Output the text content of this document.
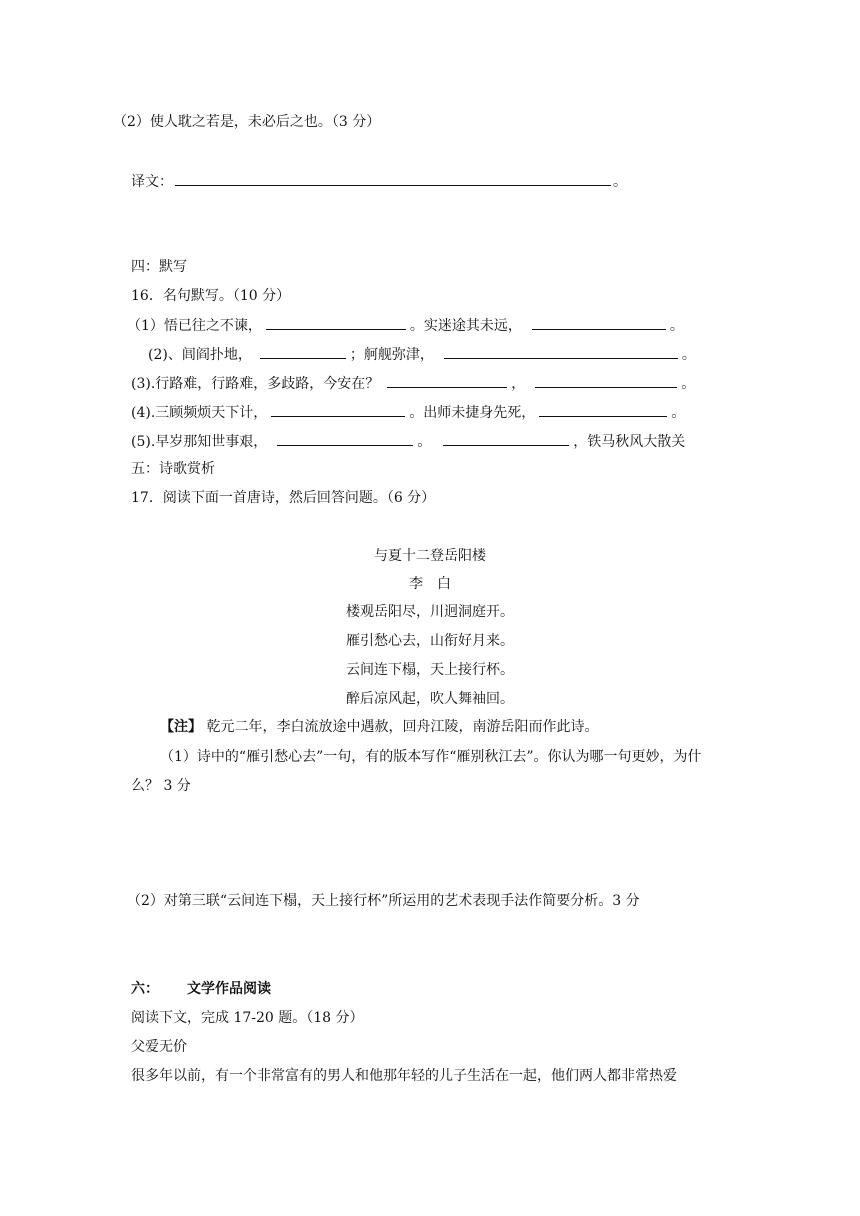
（2）使人耽之若是，未必后之也。（3 分）
译文：	。
四：默写
16．名句默写。（10 分）
（1）悟已往之不谏，	。实迷途其未远，	。
(2)、闾阎扑地，	；舸舰弥津，	。
(3).行路难，行路难，多歧路，今安在？	，	。
(4).三顾频烦天下计，	。出师未捷身先死，	。
(5).早岁那知世事艰，	。	，铁马秋风大散关
五：诗歌赏析
17．阅读下面一首唐诗，然后回答问题。（6 分）
与夏十二登岳阳楼
李　白
楼观岳阳尽，川迥洞庭开。
雁引愁心去，山衔好月来。
云间连下榻，天上接行杯。
醉后凉风起，吹人舞袖回。
【注】 乾元二年，李白流放途中遇赦，回舟江陵，南游岳阳而作此诗。
（1）诗中的“雁引愁心去”一句，有的版本写作“雁别秋江去”。你认为哪一句更妙，为什
么？ 3 分
（2）对第三联“云间连下榻，天上接行杯”所运用的艺术表现手法作简要分析。3 分
六： 文学作品阅读
阅读下文，完成 17-20 题。（18 分）
父爱无价
很多年以前，有一个非常富有的男人和他那年轻的儿子生活在一起，他们两人都非常热爱
